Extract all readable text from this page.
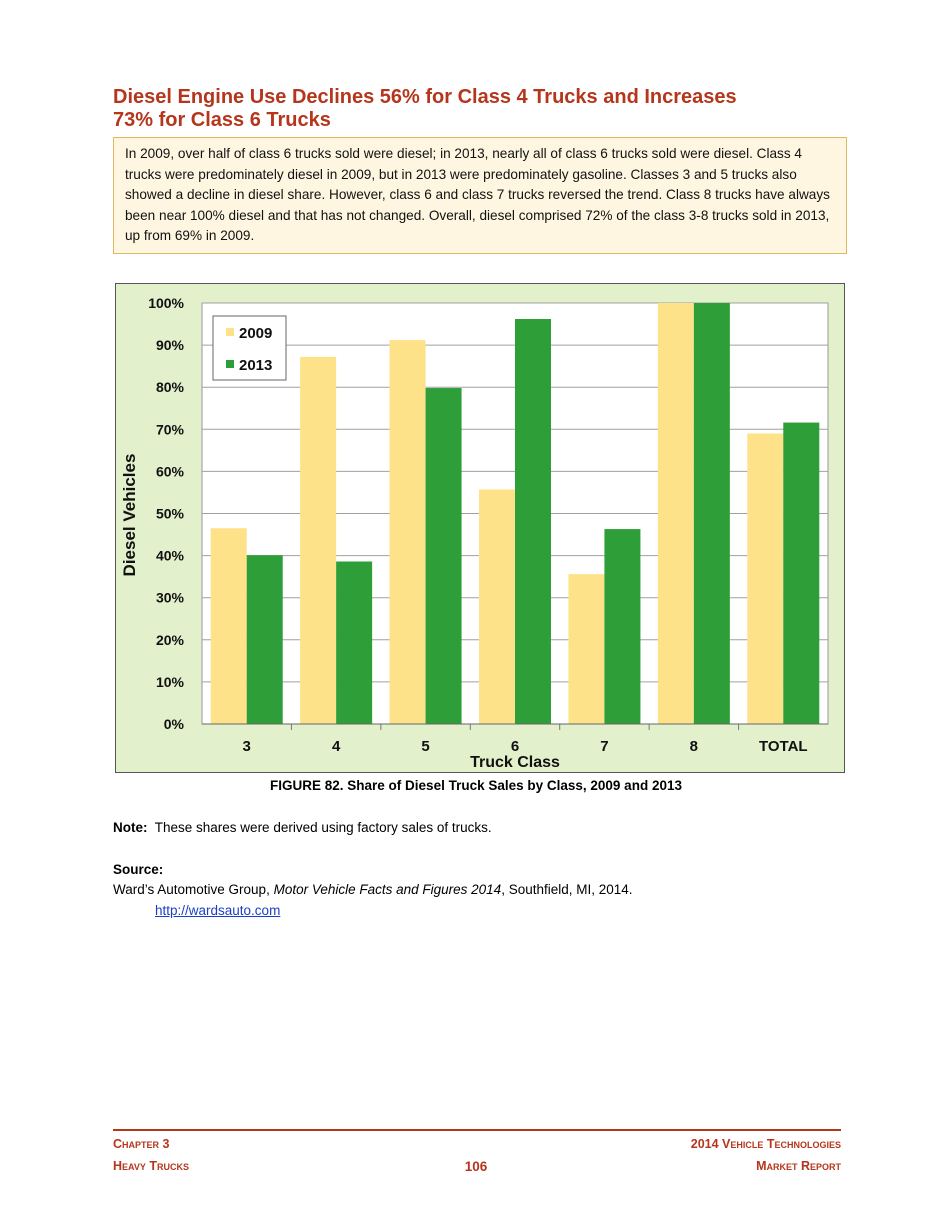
Diesel Engine Use Declines 56% for Class 4 Trucks and Increases
73% for Class 6 Trucks

In 2009, over half of class 6 trucks sold were diesel; in 2013, nearly all of class 6 trucks sold were diesel. Class 4 trucks were predominately diesel in 2009, but in 2013 were predominately gasoline. Classes 3 and 5 trucks also showed a decline in diesel share. However, class 6 and class 7 trucks reversed the trend. Class 8 trucks have always been near 100% diesel and that has not changed. Overall, diesel comprised 72% of the class 3-8 trucks sold in 2013, up from 69% in 2009.

0%
10%
20%
30%
40%
50%
60%
70%
80%
90%
100%
3	4	5	6	7	8	TOTAL
Diesel Vehicles
Truck Class
2009
2013
FIGURE 82. Share of Diesel Truck Sales by Class, 2009 and 2013
Note: These shares were derived using factory sales of trucks.
Source:
Ward’s Automotive Group, Motor Vehicle Facts and Figures 2014, Southfield, MI, 2014.
http://wardsauto.com
Chapter 3
Heavy Trucks	106
2014 Vehicle Technologies
Market Report
